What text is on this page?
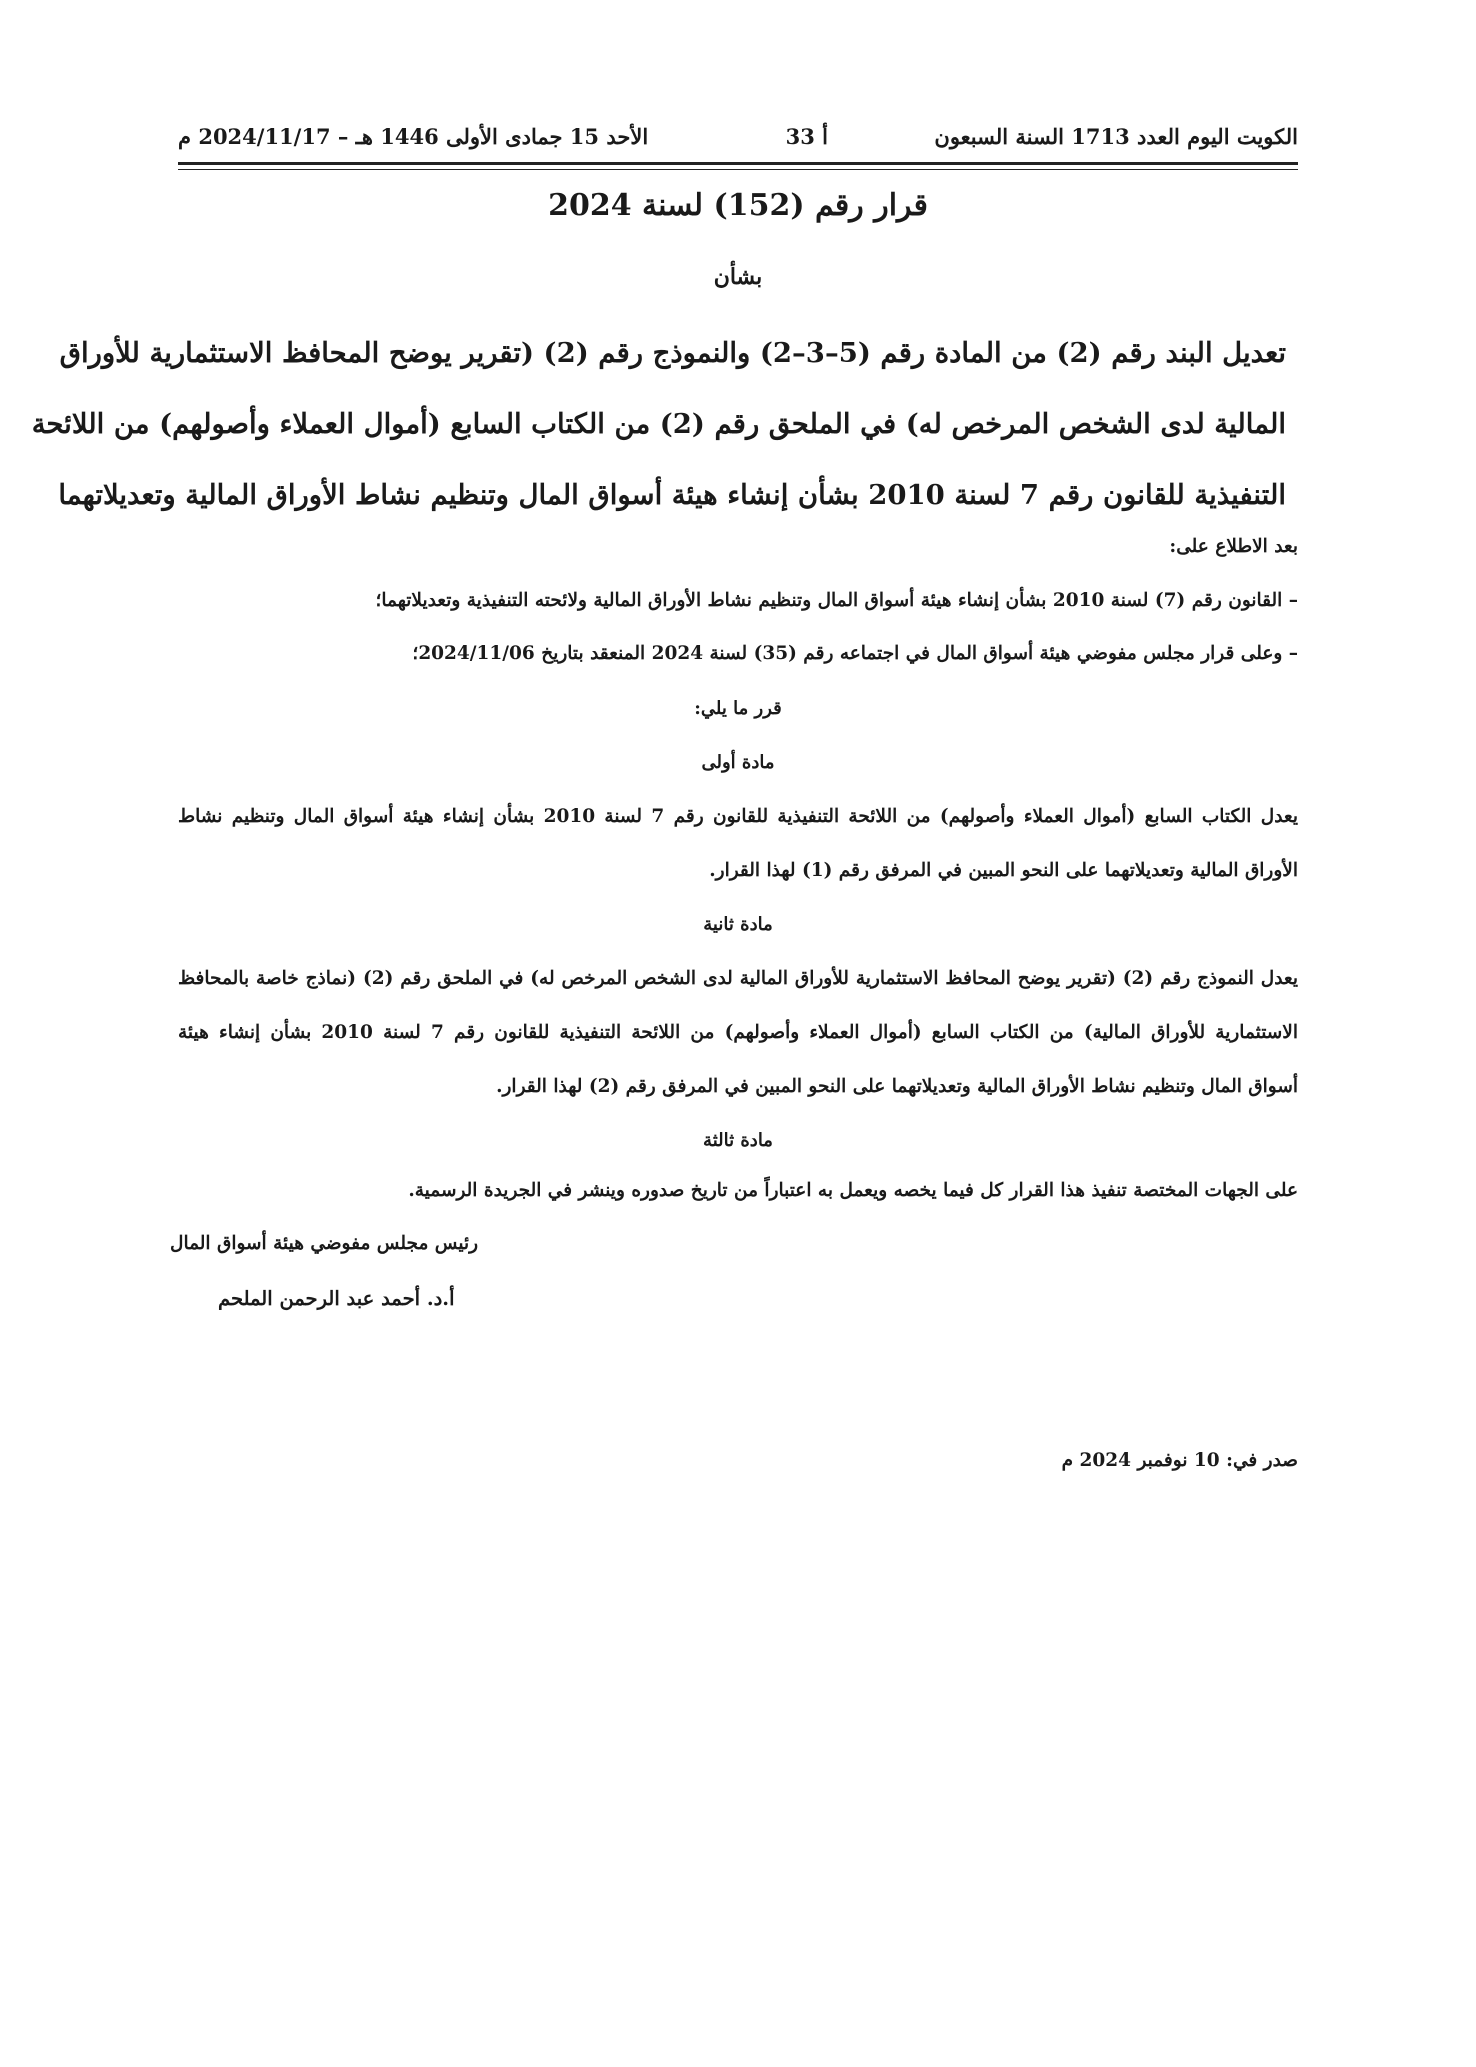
الكويت اليوم العدد 1713 السنة السبعون
أ 33
الأحد 15 جمادى الأولى 1446 هـ – 2024/11/17 م
قرار رقم (152) لسنة 2024
بشأن
تعديل البند رقم (2) من المادة رقم (5–3–2) والنموذج رقم (2) (تقرير يوضح المحافظ الاستثمارية للأوراق
المالية لدى الشخص المرخص له) في الملحق رقم (2) من الكتاب السابع (أموال العملاء وأصولهم) من اللائحة
التنفيذية للقانون رقم 7 لسنة 2010 بشأن إنشاء هيئة أسواق المال وتنظيم نشاط الأوراق المالية وتعديلاتهما
بعد الاطلاع على:
– القانون رقم (7) لسنة 2010 بشأن إنشاء هيئة أسواق المال وتنظيم نشاط الأوراق المالية ولائحته التنفيذية وتعديلاتهما؛
– وعلى قرار مجلس مفوضي هيئة أسواق المال في اجتماعه رقم (35) لسنة 2024 المنعقد بتاريخ 2024/11/06؛
قرر ما يلي:
مادة أولى
يعدل الكتاب السابع (أموال العملاء وأصولهم) من اللائحة التنفيذية للقانون رقم 7 لسنة 2010 بشأن إنشاء هيئة أسواق المال وتنظيم نشاط
الأوراق المالية وتعديلاتهما على النحو المبين في المرفق رقم (1) لهذا القرار.
مادة ثانية
يعدل النموذج رقم (2) (تقرير يوضح المحافظ الاستثمارية للأوراق المالية لدى الشخص المرخص له) في الملحق رقم (2) (نماذج خاصة بالمحافظ
الاستثمارية للأوراق المالية) من الكتاب السابع (أموال العملاء وأصولهم) من اللائحة التنفيذية للقانون رقم 7 لسنة 2010 بشأن إنشاء هيئة
أسواق المال وتنظيم نشاط الأوراق المالية وتعديلاتهما على النحو المبين في المرفق رقم (2) لهذا القرار.
مادة ثالثة
على الجهات المختصة تنفيذ هذا القرار كل فيما يخصه ويعمل به اعتباراً من تاريخ صدوره وينشر في الجريدة الرسمية.
رئيس مجلس مفوضي هيئة أسواق المال
أ.د. أحمد عبد الرحمن الملحم
صدر في: 10 نوفمبر 2024 م
